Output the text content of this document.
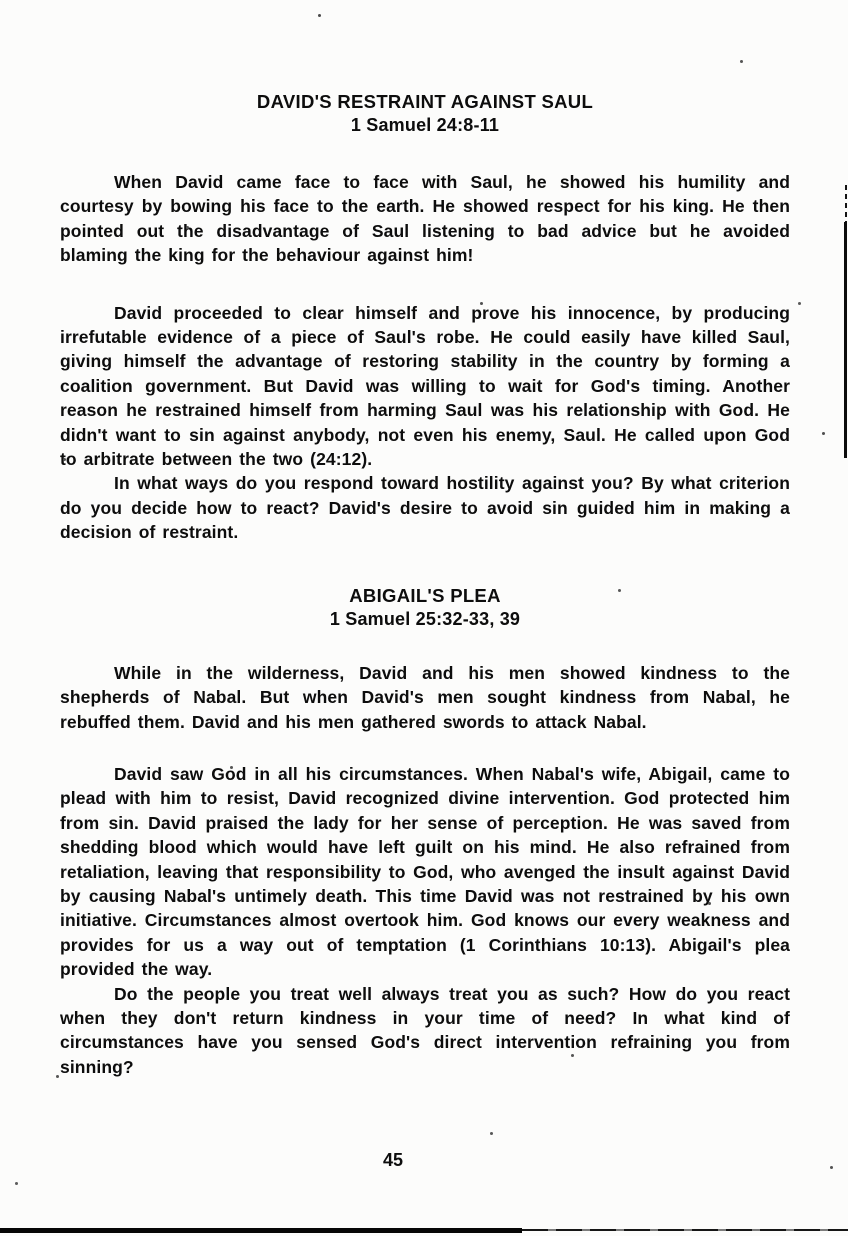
DAVID'S RESTRAINT AGAINST SAUL
1 Samuel 24:8-11

When David came face to face with Saul, he showed his humility and courtesy by bowing his face to the earth. He showed respect for his king. He then pointed out the disadvantage of Saul listening to bad advice but he avoided blaming the king for the behaviour against him!

David proceeded to clear himself and prove his innocence, by producing irrefutable evidence of a piece of Saul's robe. He could easily have killed Saul, giving himself the advantage of restoring stability in the country by forming a coalition government. But David was willing to wait for God's timing. Another reason he restrained himself from harming Saul was his relationship with God. He didn't want to sin against anybody, not even his enemy, Saul. He called upon God to arbitrate between the two (24:12).

In what ways do you respond toward hostility against you? By what criterion do you decide how to react? David's desire to avoid sin guided him in making a decision of restraint.

ABIGAIL'S PLEA
1 Samuel 25:32-33, 39

While in the wilderness, David and his men showed kindness to the shepherds of Nabal. But when David's men sought kindness from Nabal, he rebuffed them. David and his men gathered swords to attack Nabal.

David saw God in all his circumstances. When Nabal's wife, Abigail, came to plead with him to resist, David recognized divine intervention. God protected him from sin. David praised the lady for her sense of perception. He was saved from shedding blood which would have left guilt on his mind. He also refrained from retaliation, leaving that responsibility to God, who avenged the insult against David by causing Nabal's untimely death. This time David was not restrained by his own initiative. Circumstances almost overtook him. God knows our every weakness and provides for us a way out of temptation (1 Corinthians 10:13). Abigail's plea provided the way.

Do the people you treat well always treat you as such? How do you react when they don't return kindness in your time of need? In what kind of circumstances have you sensed God's direct intervention refraining you from sinning?

45
